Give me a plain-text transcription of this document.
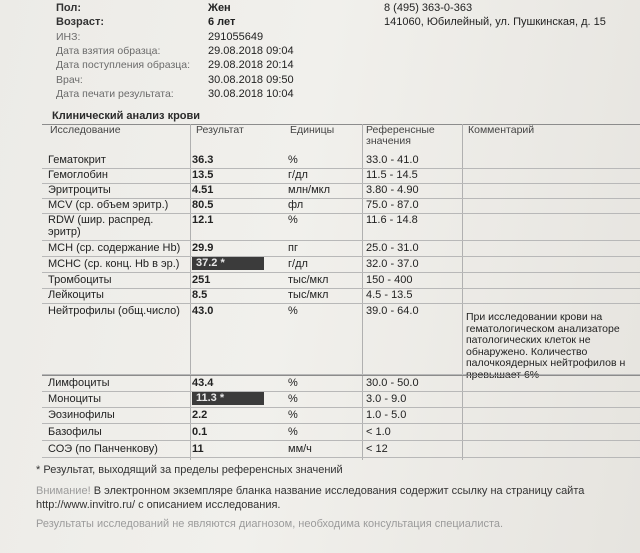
Пол:	Жен
Возраст:	6 лет
ИНЗ:	291055649
Дата взятия образца:	29.08.2018 09:04
Дата поступления образца: 29.08.2018 20:14
Врач:	30.08.2018 09:50
Дата печати результата:	30.08.2018 10:04
8 (495) 363-0-363
141060, Юбилейный, ул. Пушкинская, д. 15
Клинический анализ крови
Исследование	Результат	Единицы	Референсные
значения
Комментарий
Гематокрит	36.3	%	33.0 - 41.0
Гемоглобин	13.5	г/дл	11.5 - 14.5
Эритроциты	4.51	млн/мкл	3.80 - 4.90
MCV (ср. объем эритр.)	80.5	фл	75.0 - 87.0
RDW (шир. распред.
эритр)
12.1	%	11.6 - 14.8
MCH (ср. содержание Hb)	29.9	пг	25.0 - 31.0
MCHC (ср. конц. Hb в эр.)	37.2 *	г/дл	32.0 - 37.0
Тромбоциты	251	тыс/мкл	150 - 400
Лейкоциты	8.5	тыс/мкл	4.5 - 13.5
Нейтрофилы (общ.число)	43.0	%	39.0 - 64.0	При исследовании крови на
гематологическом анализаторе
патологических клеток не
обнаружено. Количество
палочкоядерных нейтрофилов н
превышает 6%
Лимфоциты	43.4	%	30.0 - 50.0
Моноциты	11.3 *	%	3.0 - 9.0
Эозинофилы	2.2	%	1.0 - 5.0
Базофилы	0.1	%	< 1.0
СОЭ (по Панченкову)	11	мм/ч	< 12
* Результат, выходящий за пределы референсных значений
Внимание! В электронном экземпляре бланка название исследования содержит ссылку на страницу сайта
http://www.invitro.ru/ с описанием исследования.
Результаты исследований не являются диагнозом, необходима консультация специалиста.
